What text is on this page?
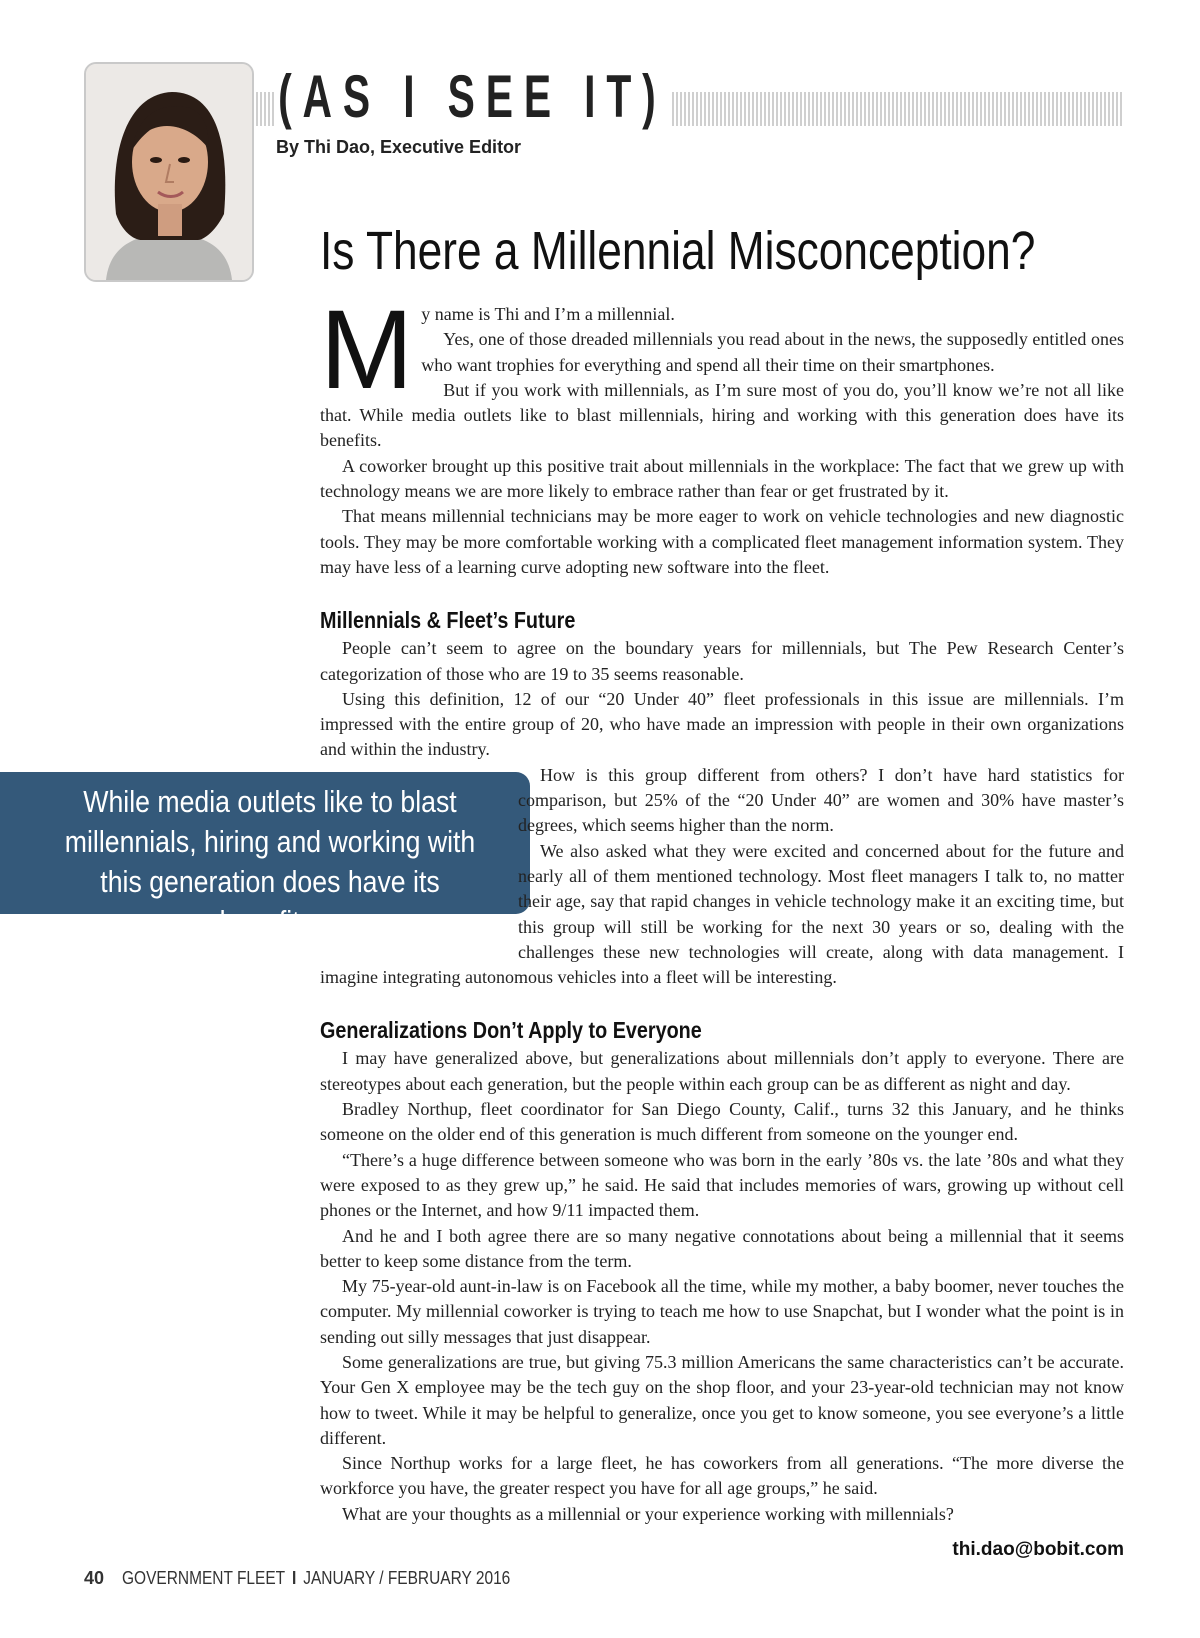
(AS I SEE IT)
By Thi Dao, Executive Editor
Is There a Millennial Misconception?
While media outlets like to blast millennials, hiring and working with this generation does have its benefits.
M y name is Thi and I’m a millennial.

Yes, one of those dreaded millennials you read about in the news, the supposedly entitled ones who want trophies for everything and spend all their time on their smartphones.

But if you work with millennials, as I’m sure most of you do, you’ll know we’re not all like that. While media outlets like to blast millennials, hiring and working with this generation does have its benefits.

A coworker brought up this positive trait about millennials in the workplace: The fact that we grew up with technology means we are more likely to embrace rather than fear or get frustrated by it.

That means millennial technicians may be more eager to work on vehicle technologies and new diagnostic tools. They may be more comfortable working with a complicated fleet management information system. They may have less of a learning curve adopting new software into the fleet.

Millennials & Fleet’s Future

People can’t seem to agree on the boundary years for millennials, but The Pew Research Center’s categorization of those who are 19 to 35 seems reasonable.

Using this definition, 12 of our “20 Under 40” fleet professionals in this issue are millennials. I’m impressed with the entire group of 20, who have made an impression with people in their own organizations and within the industry.

How is this group different from others? I don’t have hard statistics for comparison, but 25% of the “20 Under 40” are women and 30% have master’s degrees, which seems higher than the norm.

We also asked what they were excited and concerned about for the future and nearly all of them mentioned technology. Most fleet managers I talk to, no matter their age, say that rapid changes in vehicle technology make it an exciting time, but this group will still be working for the next 30 years or so, dealing with the challenges these new technologies will create, along with data management. I imagine integrating autonomous vehicles into a fleet will be interesting.

Generalizations Don’t Apply to Everyone

I may have generalized above, but generalizations about millennials don’t apply to everyone. There are stereotypes about each generation, but the people within each group can be as different as night and day.

Bradley Northup, fleet coordinator for San Diego County, Calif., turns 32 this January, and he thinks someone on the older end of this generation is much different from someone on the younger end.

“There’s a huge difference between someone who was born in the early ’80s vs. the late ’80s and what they were exposed to as they grew up,” he said. He said that includes memories of wars, growing up without cell phones or the Internet, and how 9/11 impacted them.

And he and I both agree there are so many negative connotations about being a millennial that it seems better to keep some distance from the term.

My 75-year-old aunt-in-law is on Facebook all the time, while my mother, a baby boomer, never touches the computer. My millennial coworker is trying to teach me how to use Snapchat, but I wonder what the point is in sending out silly messages that just disappear.

Some generalizations are true, but giving 75.3 million Americans the same characteristics can’t be accurate. Your Gen X employee may be the tech guy on the shop floor, and your 23-year-old technician may not know how to tweet. While it may be helpful to generalize, once you get to know someone, you see everyone’s a little different.

Since Northup works for a large fleet, he has coworkers from all generations. “The more diverse the workforce you have, the greater respect you have for all age groups,” he said.

What are your thoughts as a millennial or your experience working with millennials?

thi.dao@bobit.com
40 GOVERNMENT FLEET I JANUARY / FEBRUARY 2016
